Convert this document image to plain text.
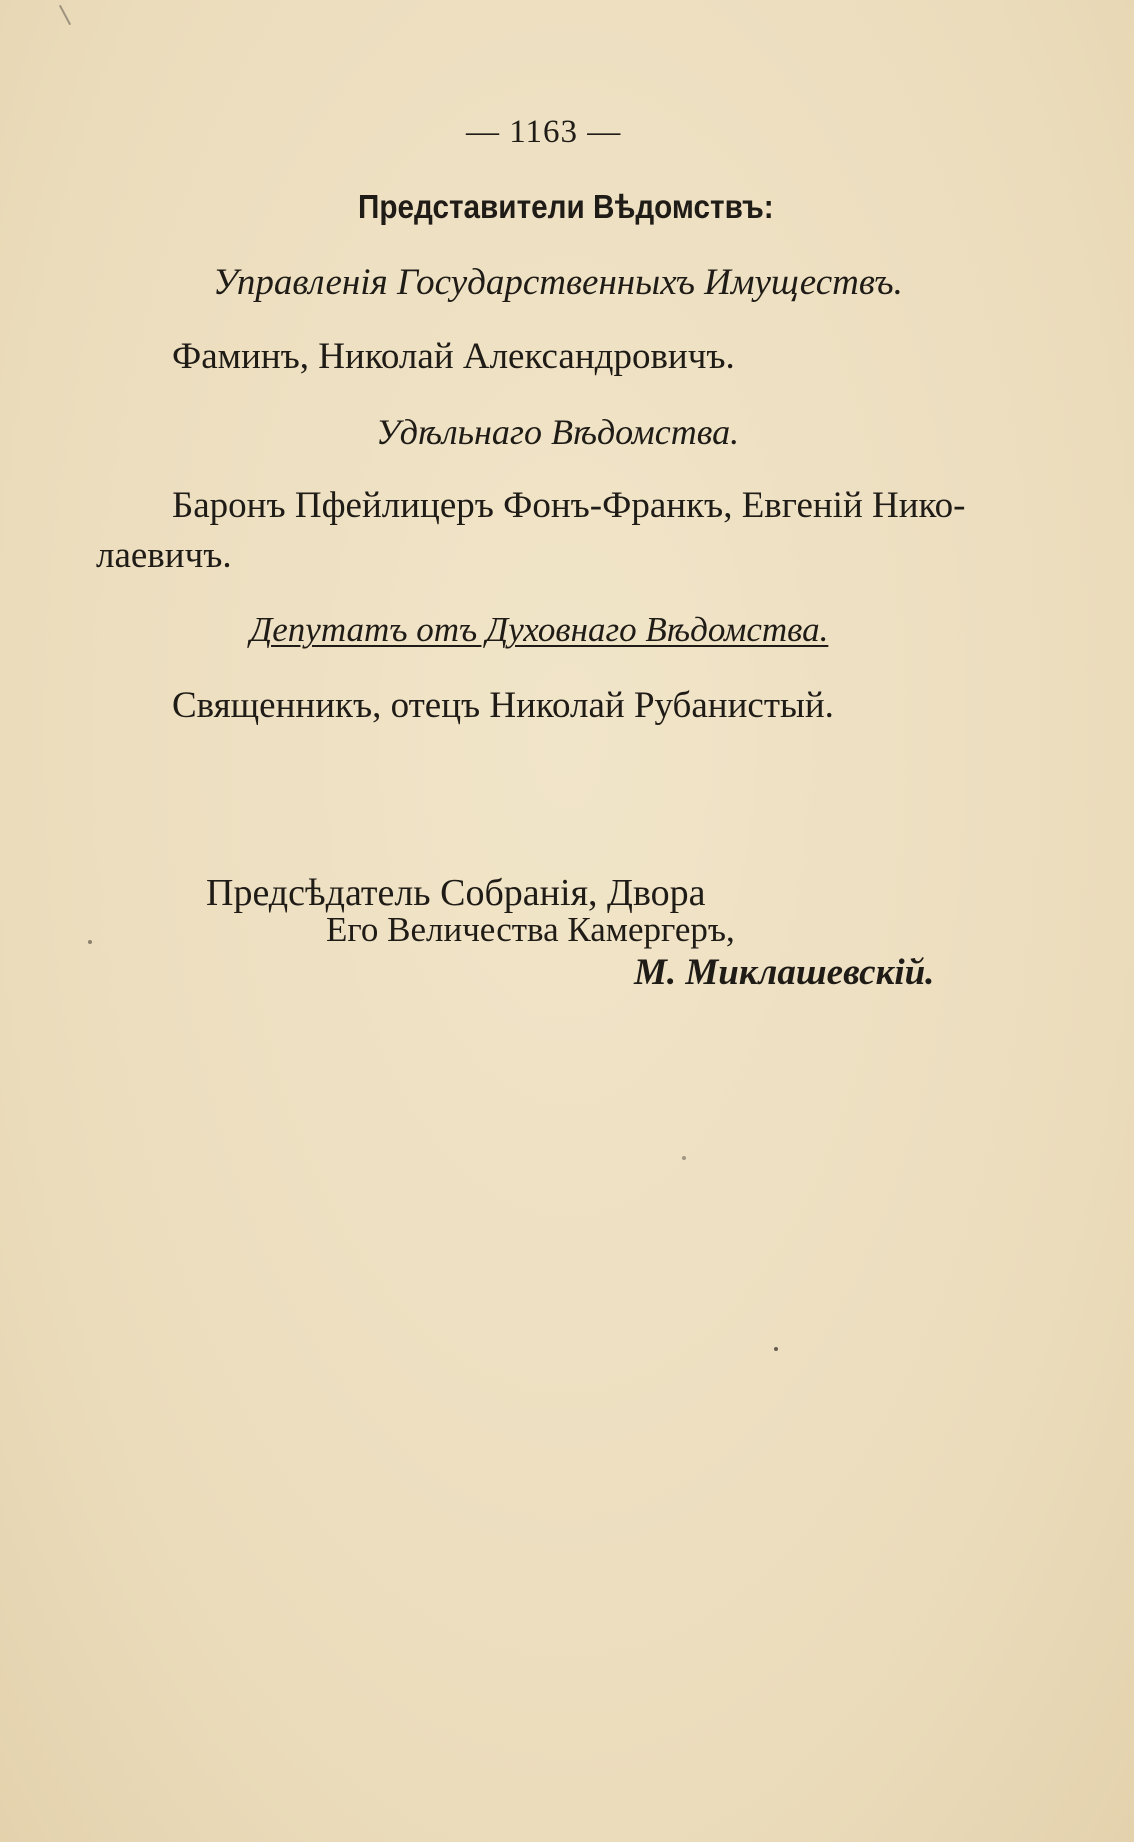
— 1163 —
Представители Вѣдомствъ:
Управленія Государственныхъ Имуществъ.
Фаминъ, Николай Александровичъ.
Удѣльнаго Вѣдомства.
Баронъ Пфейлицеръ Фонъ-Франкъ, Евгеній Нико-
лаевичъ.
Депутатъ отъ Духовнаго Вѣдомства.
Священникъ, отецъ Николай Рубанистый.
Предсѣдатель Собранія, Двора
Его Величества Камергеръ,
М. Миклашевскій.
